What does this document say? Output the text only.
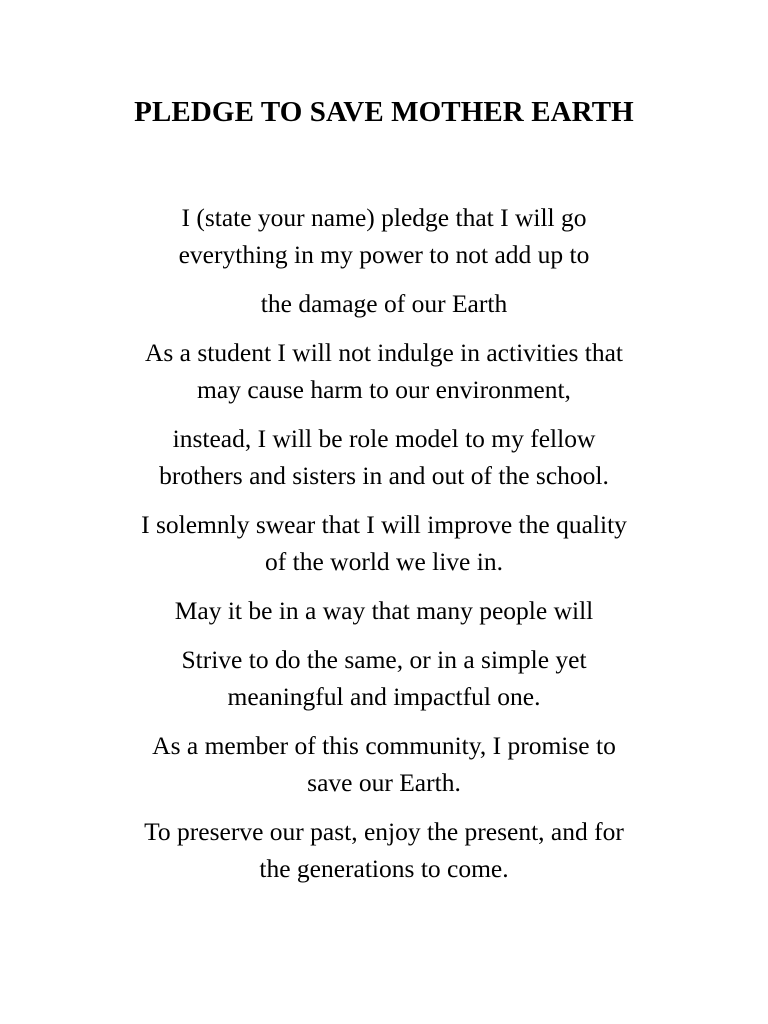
PLEDGE TO SAVE MOTHER EARTH

I (state your name) pledge that I will go
everything in my power to not add up to

the damage of our Earth

As a student I will not indulge in activities that
may cause harm to our environment,

instead, I will be role model to my fellow
brothers and sisters in and out of the school.

I solemnly swear that I will improve the quality
of the world we live in.

May it be in a way that many people will

Strive to do the same, or in a simple yet
meaningful and impactful one.

As a member of this community, I promise to
save our Earth.

To preserve our past, enjoy the present, and for
the generations to come.
